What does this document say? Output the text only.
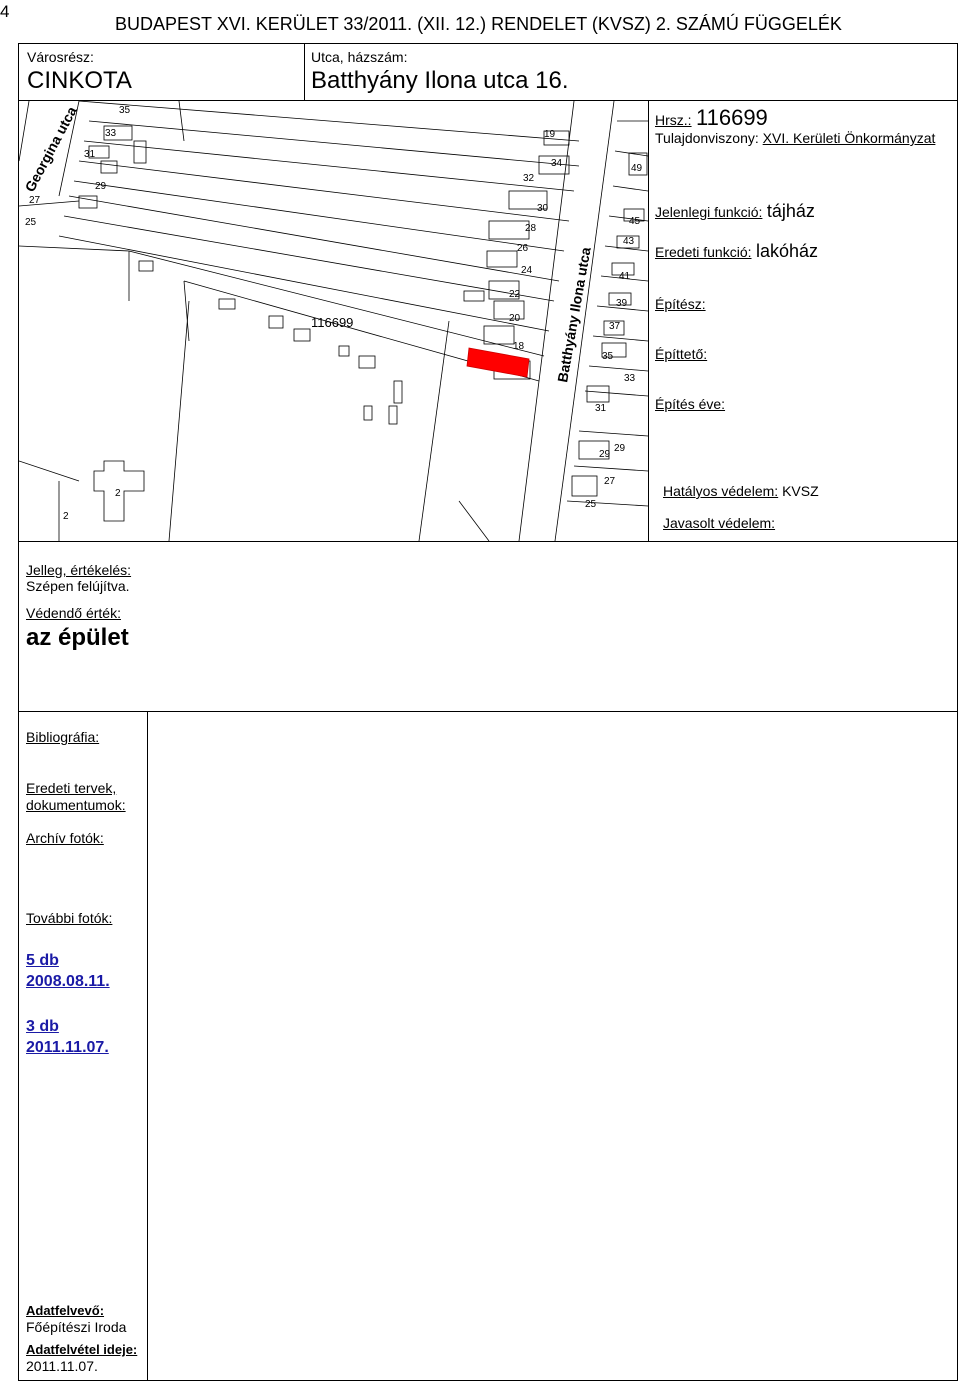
4
BUDAPEST XVI. KERÜLET 33/2011. (XII. 12.) RENDELET (KVSZ) 2. SZÁMÚ FÜGGELÉK
Városrész:
CINKOTA
Utca, házszám:
Batthyány Ilona utca 16.
35
33
31
29
27
25
19
34
32
30
28
26
24
22
20
18
49
45
43
41
39
37
35
33
31
29
29
27
25
2
2
116699
Georgina utca
Batthyány Ilona utca
Hrsz.: 116699
Tulajdonviszony: XVI. Kerületi Önkormányzat
Jelenlegi funkció: tájház
Eredeti funkció: lakóház
Építész:
Építtető:
Építés éve:
Hatályos védelem: KVSZ
Javasolt védelem:
Jelleg, értékelés:
Szépen felújítva.
Védendő érték:
az épület
Bibliográfia:
Eredeti tervek,
dokumentumok:
Archív fotók:
További fotók:
5 db
2008.08.11.
3 db
2011.11.07.
Adatfelvevő:
Főépítészi Iroda
Adatfelvétel ideje:
2011.11.07.
